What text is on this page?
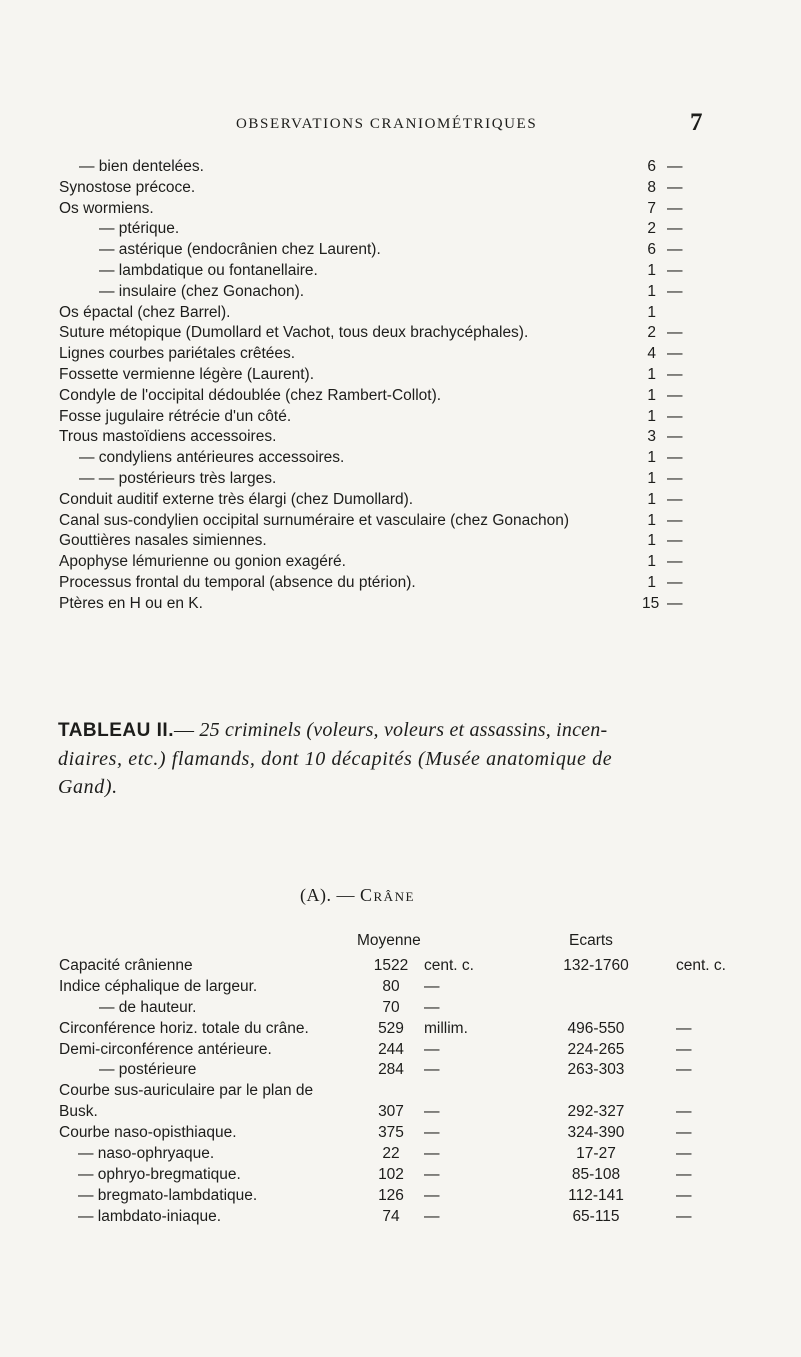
OBSERVATIONS CRANIOMÉTRIQUES	7
— bien dentelées.	6 —
Synostose précoce.	8 —
Os wormiens.	7 —
— ptérique.	2 —
— astérique (endocrânien chez Laurent).	6 —
— lambdatique ou fontanellaire.	1 —
— insulaire (chez Gonachon).	1 —
Os épactal (chez Barrel).	1
Suture métopique (Dumollard et Vachot, tous deux brachycéphales).	2 —
Lignes courbes pariétales crêtées.	4 —
Fossette vermienne légère (Laurent).	1 —
Condyle de l'occipital dédoublée (chez Rambert-Collot).	1 —
Fosse jugulaire rétrécie d'un côté.	1 —
Trous mastoïdiens accessoires.	3 —
— condyliens antérieures accessoires.	1 —
— — postérieurs très larges.	1 —
Conduit auditif externe très élargi (chez Dumollard).	1 —
Canal sus-condylien occipital surnuméraire et vasculaire (chez Gonachon)	1 —
Gouttières nasales simiennes.	1 —
Apophyse lémurienne ou gonion exagéré.	1 —
Processus frontal du temporal (absence du ptérion).	1 —
Ptères en H ou en K.	15 —
TABLEAU II.— 25 criminels (voleurs, voleurs et assassins, incen-
diaires, etc.) flamands, dont 10 décapités (Musée anatomique de
Gand).
(A). — Crâne
Moyenne	Ecarts
Capacité crânienne	1522 cent. c.	132-1760	cent. c.
Indice céphalique de largeur.	80	—
— de hauteur.	70	—
Circonférence horiz. totale du crâne.	529	millim.	496-550	—
Demi-circonférence antérieure.	244	—	224-265	—
— postérieure	284	—	263-303	—
Courbe sus-auriculaire par le plan de
Busk.	307	—	292-327	—
Courbe naso-opisthiaque.	375	—	324-390	—
— naso-ophryaque.	22	—	17-27	—
— ophryo-bregmatique.	102	—	85-108	—
— bregmato-lambdatique.	126	—	112-141	—
— lambdato-iniaque.	74	—	65-115	—
